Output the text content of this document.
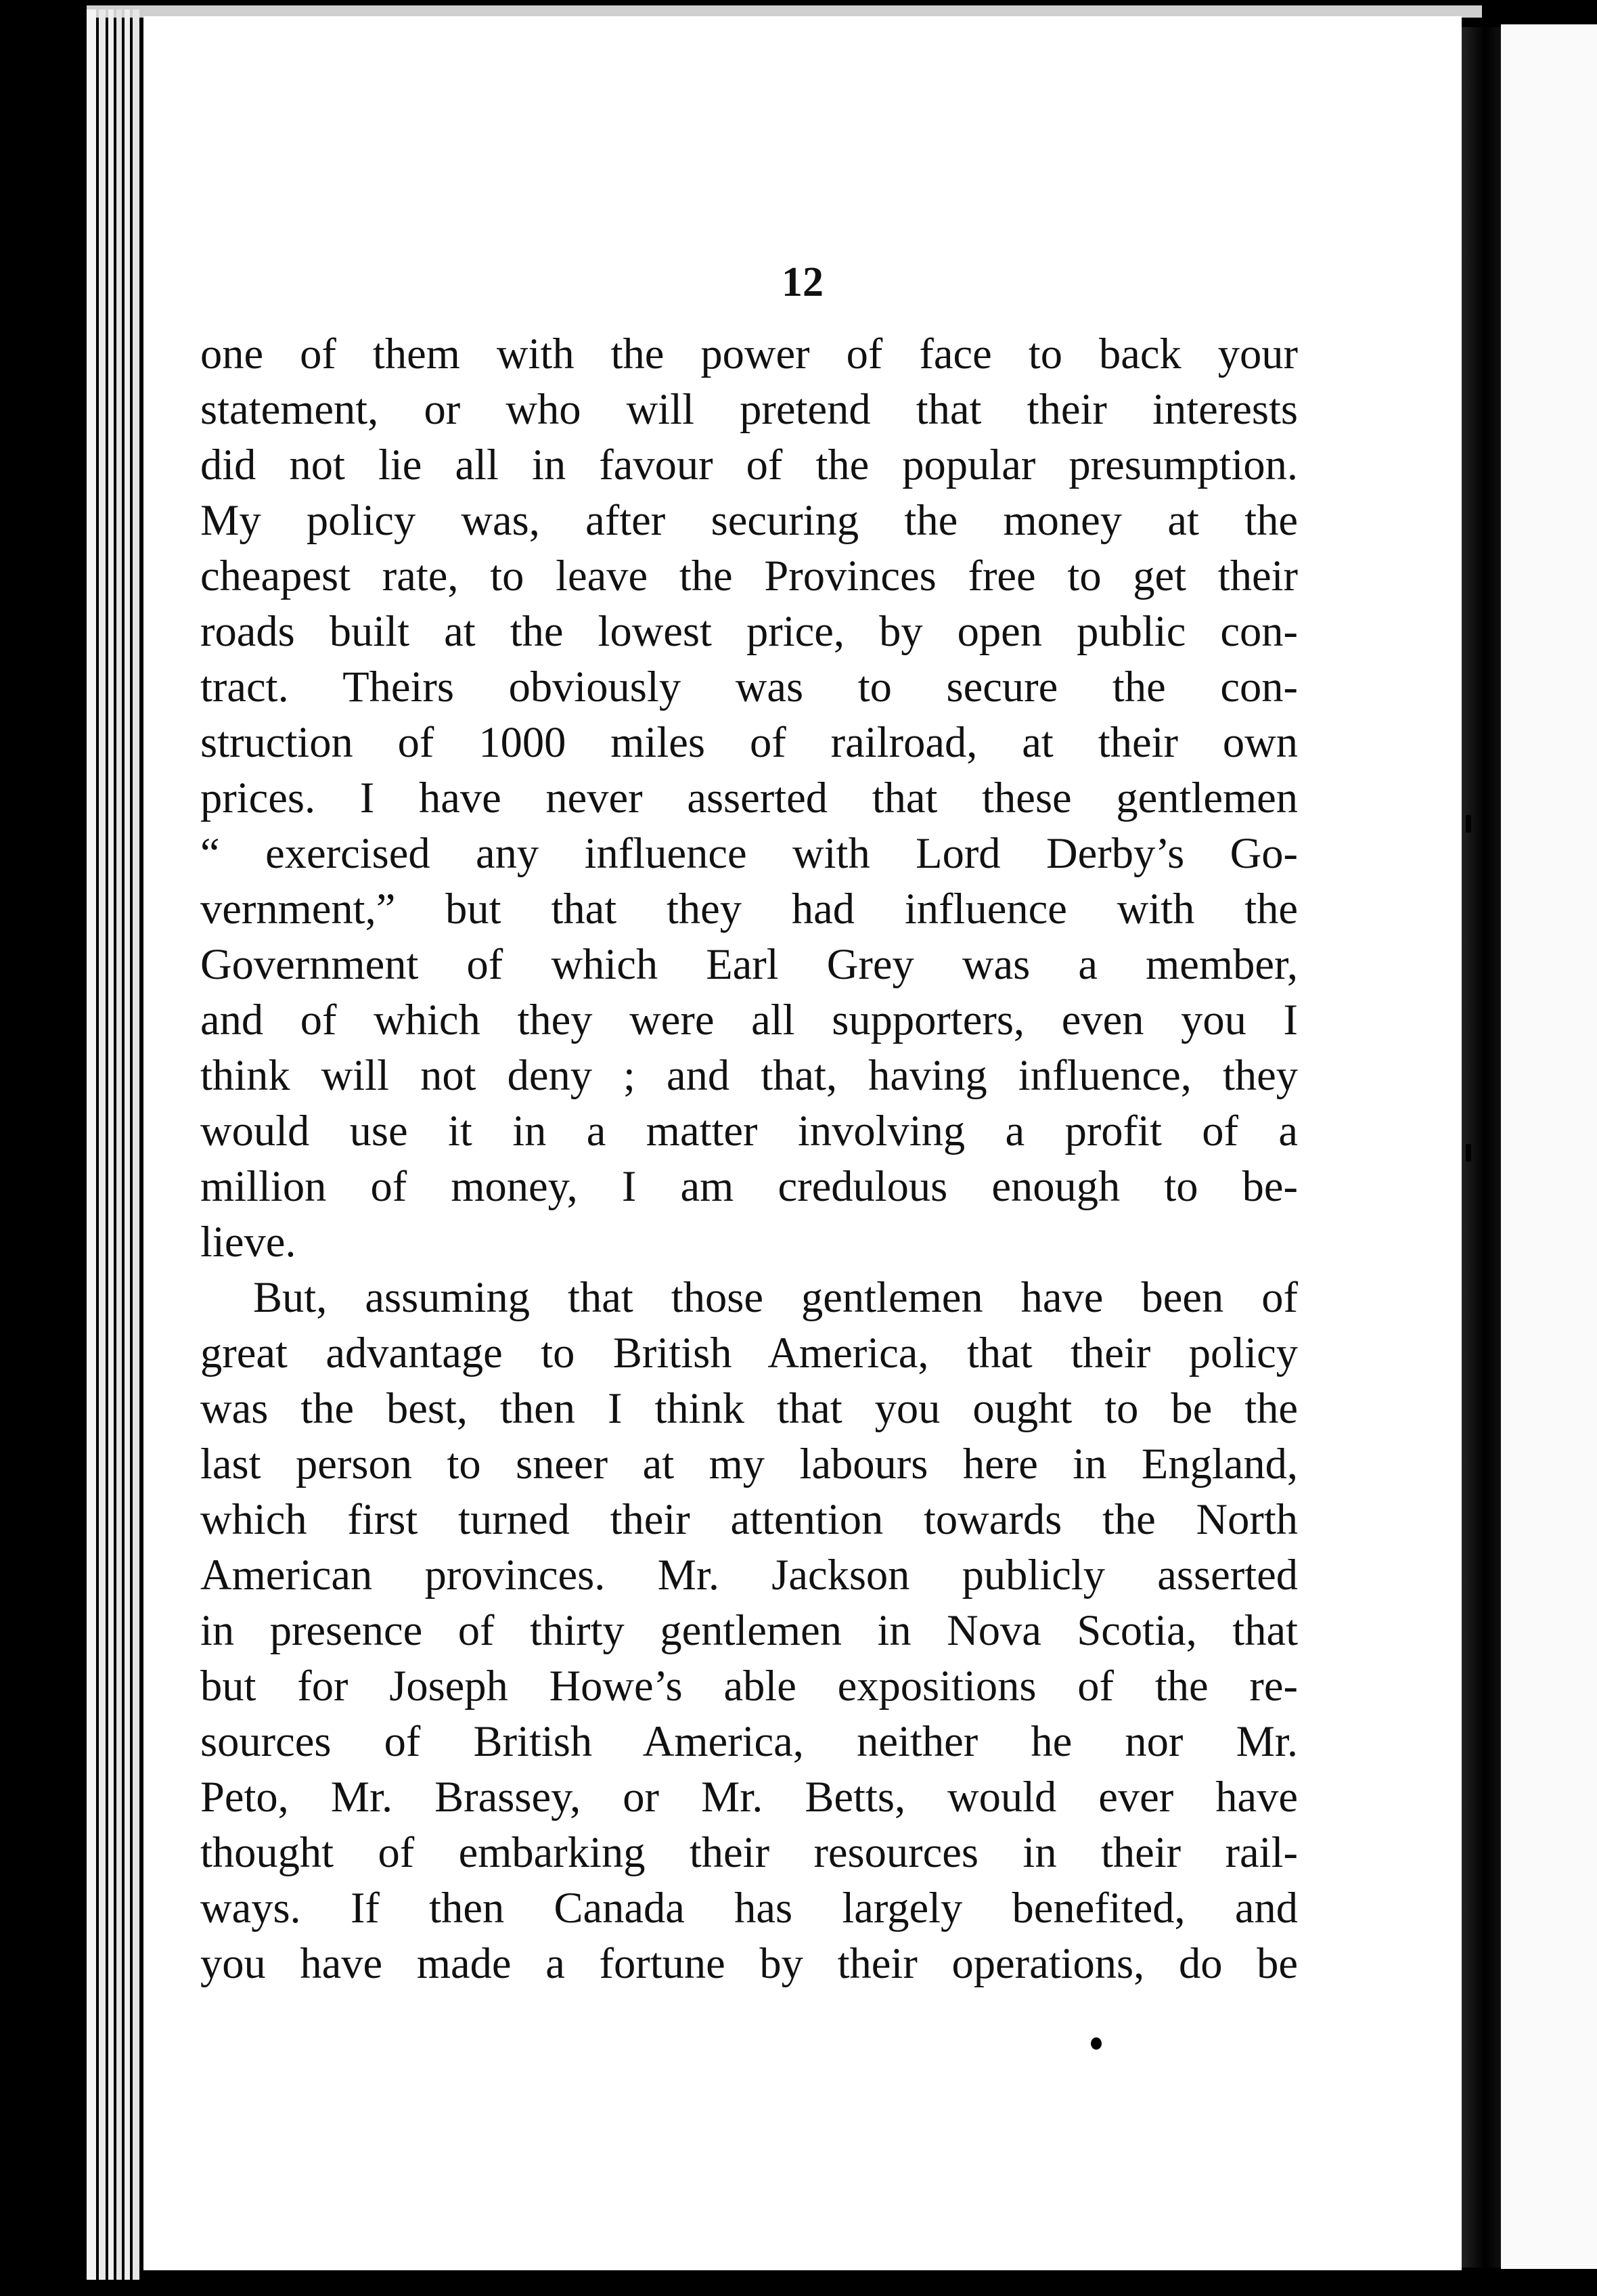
12
one of them with the power of face to back your
statement, or who will pretend that their interests
did not lie all in favour of the popular presumption.
My policy was, after securing the money at the
cheapest rate, to leave the Provinces free to get their
roads built at the lowest price, by open public con-
tract. Theirs obviously was to secure the con-
struction of 1000 miles of railroad, at their own
prices. I have never asserted that these gentlemen
“ exercised any influence with Lord Derby’s Go-
vernment,” but that they had influence with the
Government of which Earl Grey was a member,
and of which they were all supporters, even you I
think will not deny ; and that, having influence, they
would use it in a matter involving a profit of a
million of money, I am credulous enough to be-
lieve.
But, assuming that those gentlemen have been of
great advantage to British America, that their policy
was the best, then I think that you ought to be the
last person to sneer at my labours here in England,
which first turned their attention towards the North
American provinces. Mr. Jackson publicly asserted
in presence of thirty gentlemen in Nova Scotia, that
but for Joseph Howe’s able expositions of the re-
sources of British America, neither he nor Mr.
Peto, Mr. Brassey, or Mr. Betts, would ever have
thought of embarking their resources in their rail-
ways. If then Canada has largely benefited, and
you have made a fortune by their operations, do be
